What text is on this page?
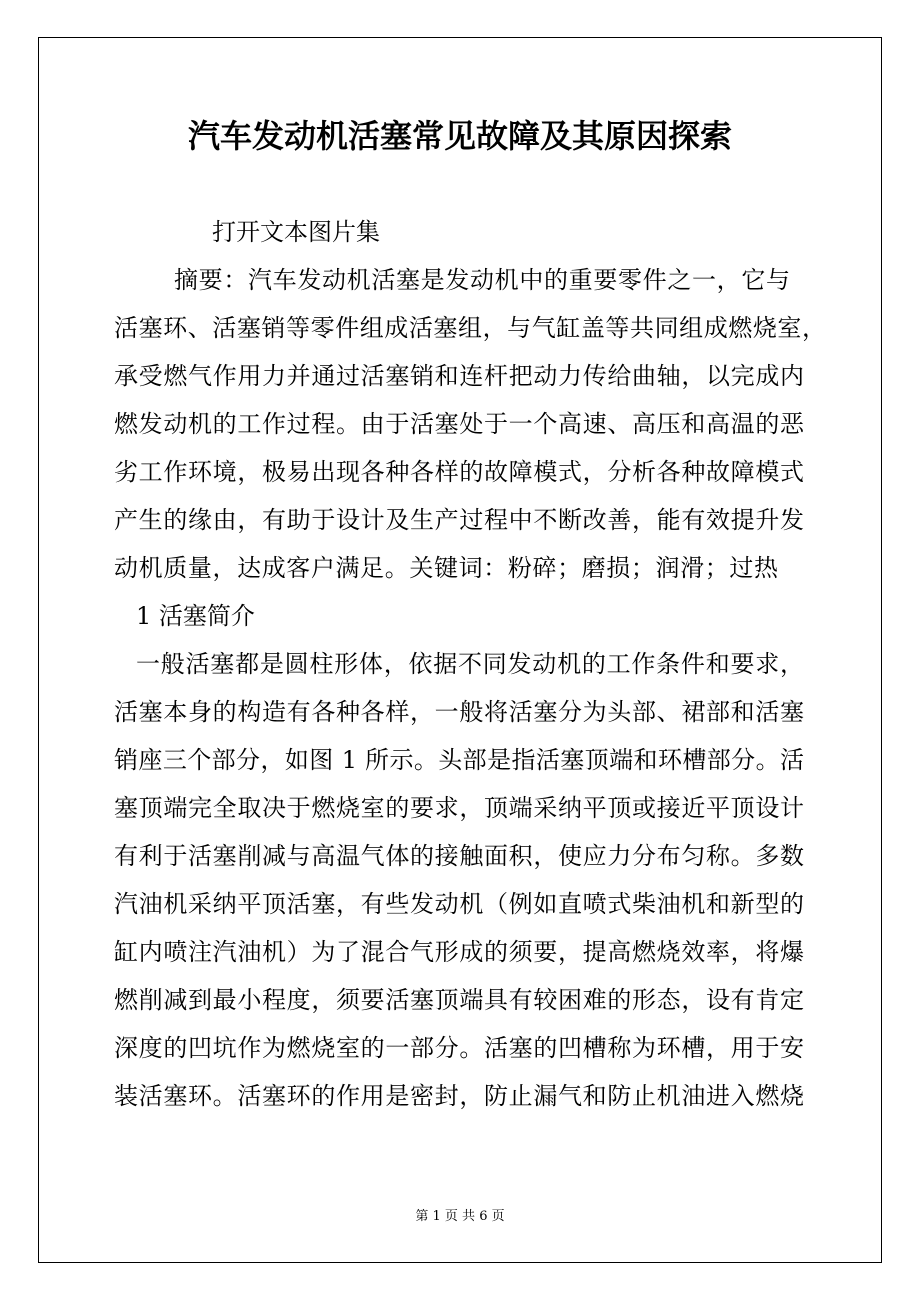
汽车发动机活塞常见故障及其原因探索
打开文本图片集
摘要：汽车发动机活塞是发动机中的重要零件之一，它与
活塞环、活塞销等零件组成活塞组，与气缸盖等共同组成燃烧室，
承受燃气作用力并通过活塞销和连杆把动力传给曲轴，以完成内
燃发动机的工作过程。由于活塞处于一个高速、高压和高温的恶
劣工作环境，极易出现各种各样的故障模式，分析各种故障模式
产生的缘由，有助于设计及生产过程中不断改善，能有效提升发
动机质量，达成客户满足。关键词：粉碎；磨损；润滑；过热
1 活塞简介
一般活塞都是圆柱形体，依据不同发动机的工作条件和要求，
活塞本身的构造有各种各样，一般将活塞分为头部、裙部和活塞
销座三个部分，如图 1 所示。头部是指活塞顶端和环槽部分。活
塞顶端完全取决于燃烧室的要求，顶端采纳平顶或接近平顶设计
有利于活塞削减与高温气体的接触面积，使应力分布匀称。多数
汽油机采纳平顶活塞，有些发动机（例如直喷式柴油机和新型的
缸内喷注汽油机）为了混合气形成的须要，提高燃烧效率，将爆
燃削减到最小程度，须要活塞顶端具有较困难的形态，设有肯定
深度的凹坑作为燃烧室的一部分。活塞的凹槽称为环槽，用于安
装活塞环。活塞环的作用是密封，防止漏气和防止机油进入燃烧
第 1 页 共 6 页
